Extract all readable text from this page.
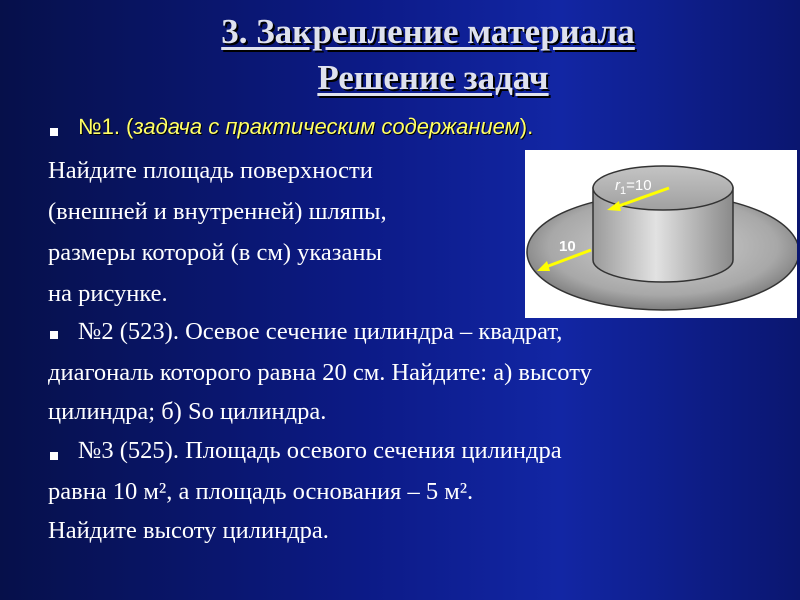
3. Закрепление материала
Решение задач
№1. (задача с практическим содержанием).
Найдите площадь поверхности
(внешней и внутренней) шляпы,
размеры которой (в см) указаны
на рисунке.
$r_1=10$
10
№2 (523). Осевое сечение цилиндра – квадрат,
диагональ которого равна 20 см. Найдите: а) высоту
цилиндра; б) So цилиндра.
№3 (525). Площадь осевого сечения цилиндра
равна 10 м², а площадь основания – 5 м².
Найдите высоту цилиндра.
